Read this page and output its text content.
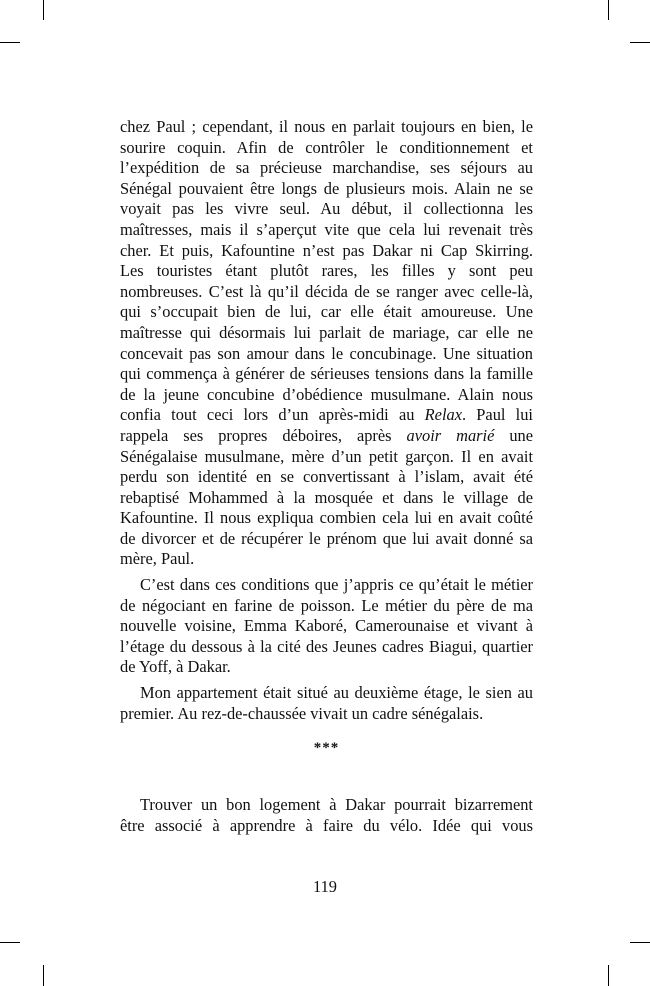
chez Paul ; cependant, il nous en parlait toujours en bien, le
sourire coquin. Afin de contrôler le conditionnement et
l’expédition de sa précieuse marchandise, ses séjours au
Sénégal pouvaient être longs de plusieurs mois. Alain ne se
voyait pas les vivre seul. Au début, il collectionna les
maîtresses, mais il s’aperçut vite que cela lui revenait très
cher. Et puis, Kafountine n’est pas Dakar ni Cap Skirring.
Les touristes étant plutôt rares, les filles y sont peu
nombreuses. C’est là qu’il décida de se ranger avec celle-là,
qui s’occupait bien de lui, car elle était amoureuse. Une
maîtresse qui désormais lui parlait de mariage, car elle ne
concevait pas son amour dans le concubinage. Une situation
qui commença à générer de sérieuses tensions dans la famille
de la jeune concubine d’obédience musulmane. Alain nous
confia tout ceci lors d’un après-midi au Relax. Paul lui
rappela ses propres déboires, après avoir marié une
Sénégalaise musulmane, mère d’un petit garçon. Il en avait
perdu son identité en se convertissant à l’islam, avait été
rebaptisé Mohammed à la mosquée et dans le village de
Kafountine. Il nous expliqua combien cela lui en avait coûté
de divorcer et de récupérer le prénom que lui avait donné sa
mère, Paul.
C’est dans ces conditions que j’appris ce qu’était le métier
de négociant en farine de poisson. Le métier du père de ma
nouvelle voisine, Emma Kaboré, Camerounaise et vivant à
l’étage du dessous à la cité des Jeunes cadres Biagui, quartier
de Yoff, à Dakar.
Mon appartement était situé au deuxième étage, le sien au
premier. Au rez-de-chaussée vivait un cadre sénégalais.
***
Trouver un bon logement à Dakar pourrait bizarrement
être associé à apprendre à faire du vélo. Idée qui vous
119
